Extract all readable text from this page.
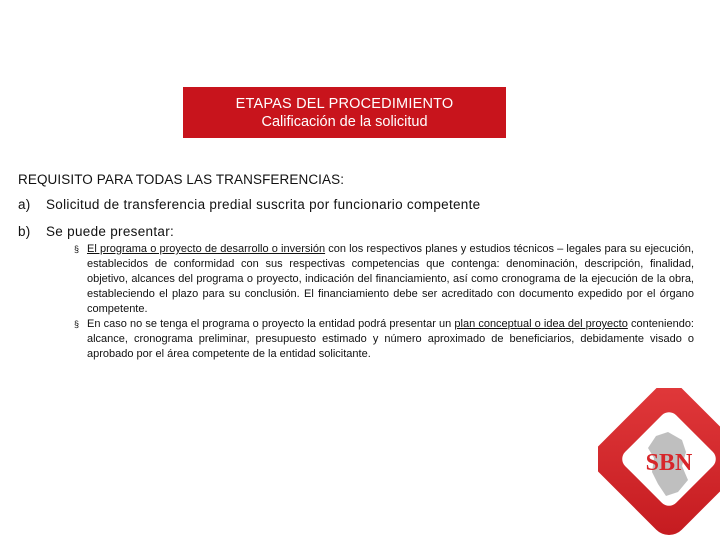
ETAPAS DEL PROCEDIMIENTO
Calificación de la solicitud
REQUISITO PARA TODAS LAS TRANSFERENCIAS:
a) Solicitud de transferencia predial suscrita por funcionario competente
b) Se puede presentar:
§ El programa o proyecto de desarrollo o inversión con los respectivos planes y estudios técnicos – legales para su ejecución, establecidos de conformidad con sus respectivas competencias que contenga: denominación, descripción, finalidad, objetivo, alcances del programa o proyecto, indicación del financiamiento, así como cronograma de la ejecución de la obra, estableciendo el plazo para su conclusión. El financiamiento debe ser acreditado con documento expedido por el órgano competente.
§ En caso no se tenga el programa o proyecto la entidad podrá presentar un plan conceptual o idea del proyecto conteniendo: alcance, cronograma preliminar, presupuesto estimado y número aproximado de beneficiarios, debidamente visado o aprobado por el área competente de la entidad solicitante.
SBN
